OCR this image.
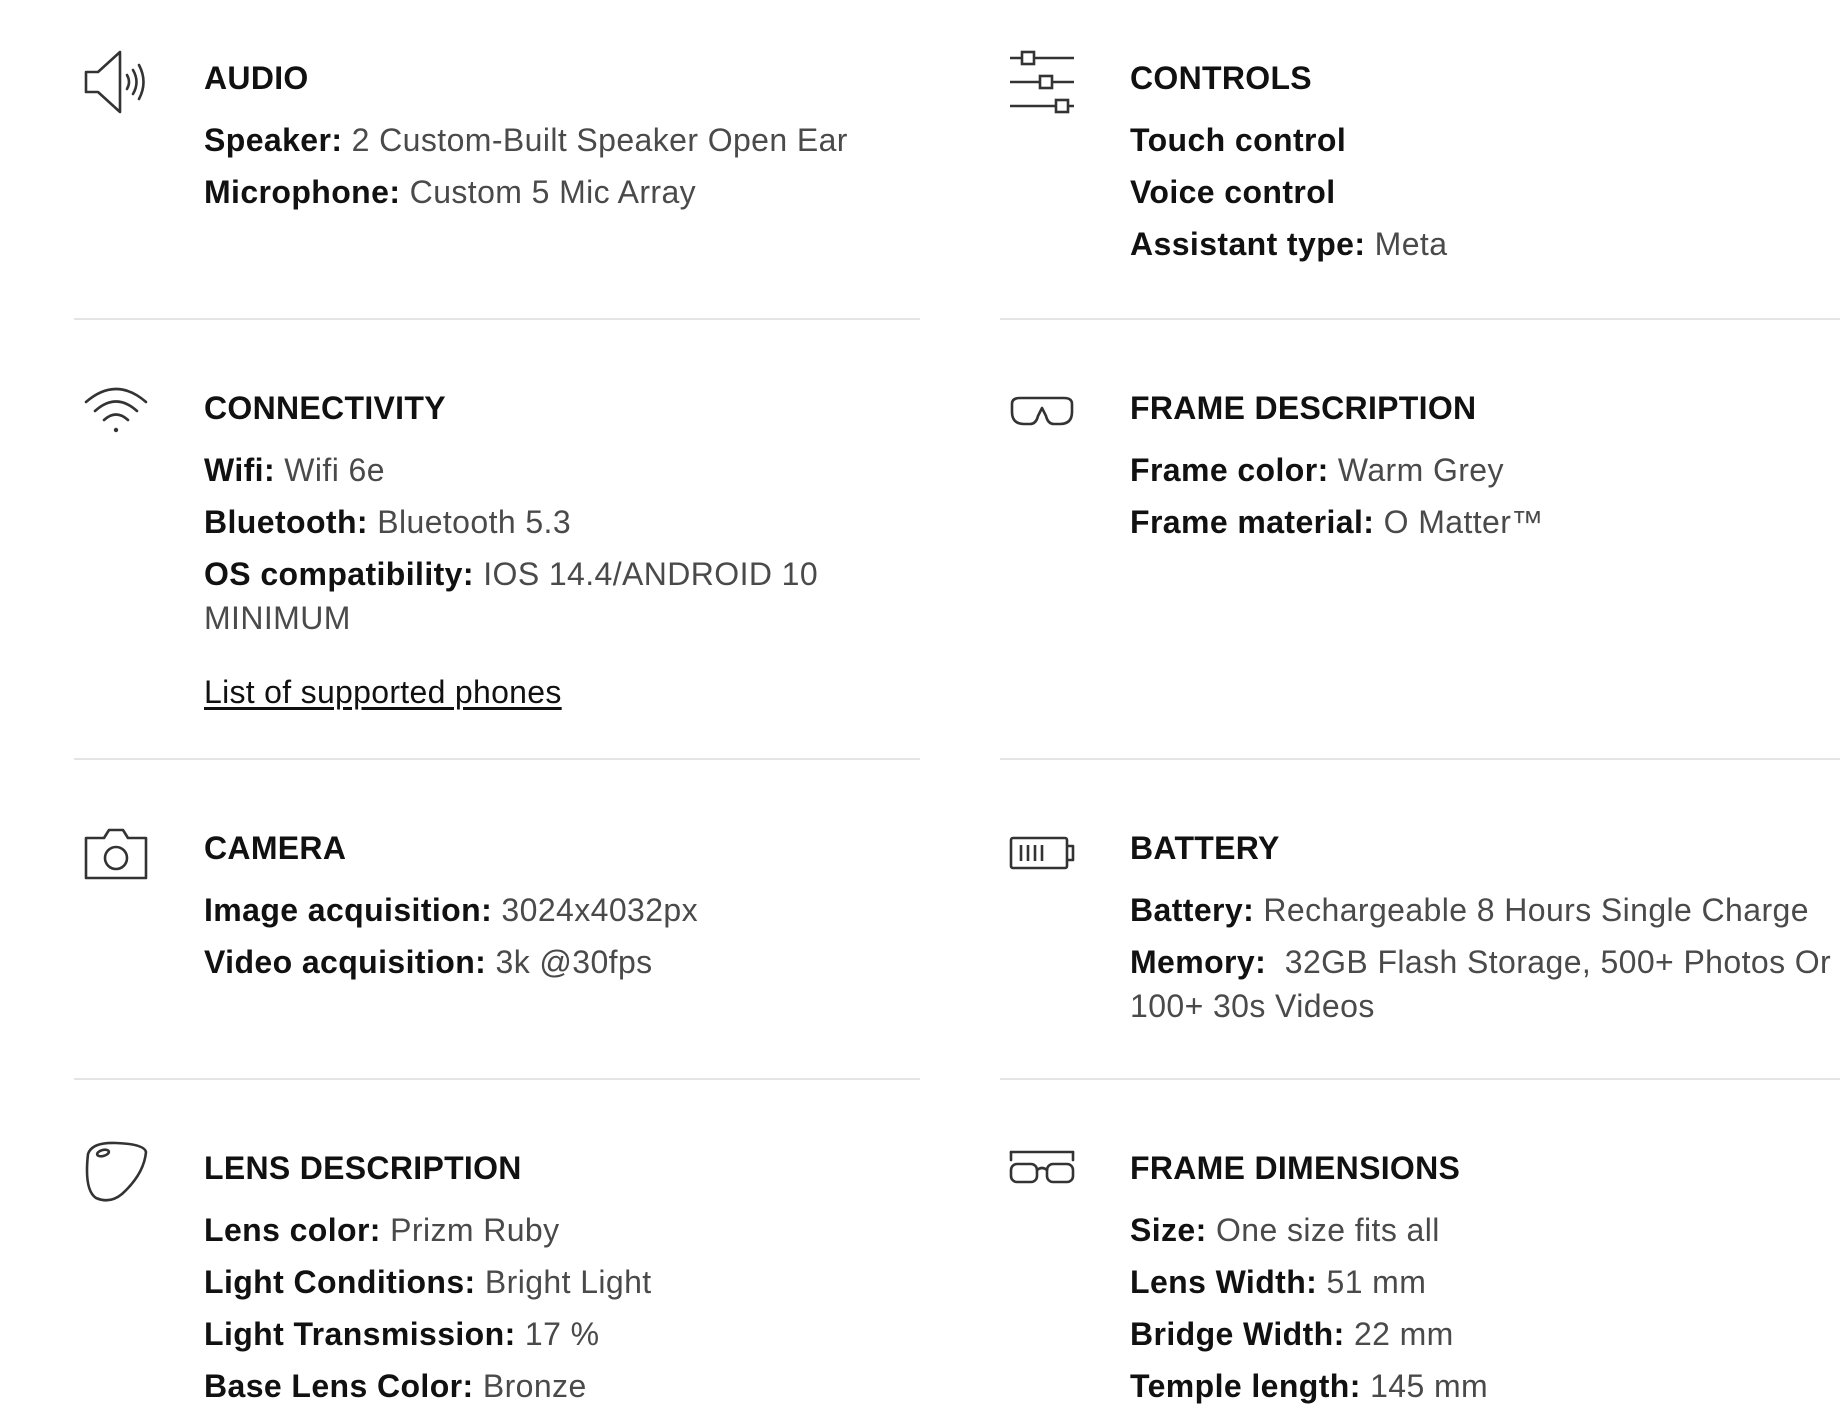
AUDIO
Speaker: 2 Custom-Built Speaker Open Ear
Microphone: Custom 5 Mic Array
CONNECTIVITY
Wifi: Wifi 6e
Bluetooth: Bluetooth 5.3
OS compatibility: IOS 14.4/ANDROID 10 MINIMUM
List of supported phones
CAMERA
Image acquisition: 3024x4032px
Video acquisition: 3k @30fps
LENS DESCRIPTION
Lens color: Prizm Ruby
Light Conditions: Bright Light
Light Transmission: 17 %
Base Lens Color: Bronze
CONTROLS
Touch control
Voice control
Assistant type: Meta
FRAME DESCRIPTION
Frame color: Warm Grey
Frame material: O Matter™
BATTERY
Battery: Rechargeable 8 Hours Single Charge
Memory:  32GB Flash Storage, 500+ Photos Or 100+ 30s Videos
FRAME DIMENSIONS
Size: One size fits all
Lens Width: 51 mm
Bridge Width: 22 mm
Temple length: 145 mm
